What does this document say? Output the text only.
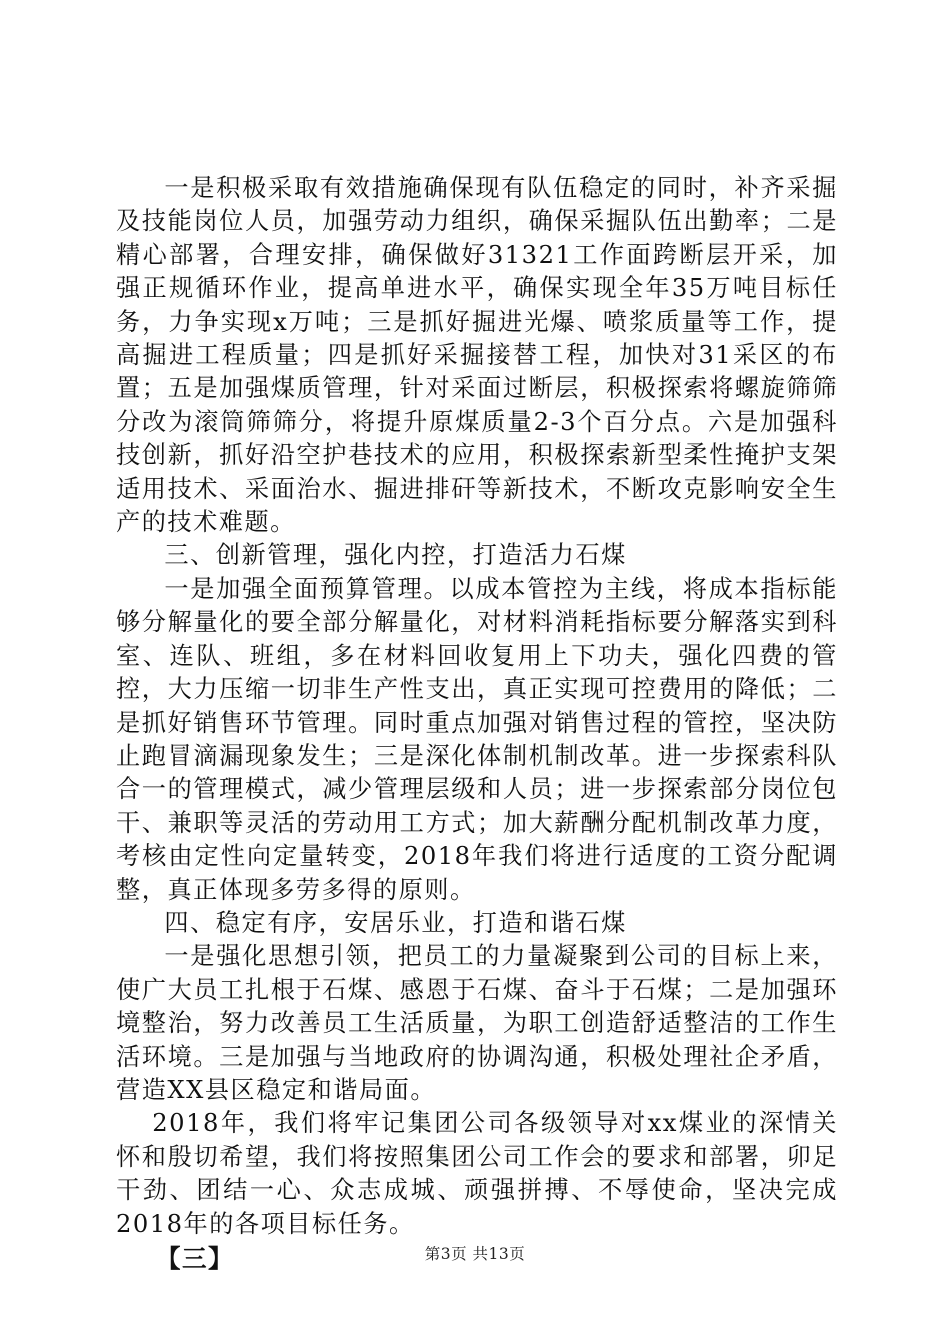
一是积极采取有效措施确保现有队伍稳定的同时，补齐采掘及技能岗位人员，加强劳动力组织，确保采掘队伍出勤率；二是精心部署，合理安排，确保做好31321工作面跨断层开采，加强正规循环作业，提高单进水平，确保实现全年35万吨目标任务，力争实现x万吨；三是抓好掘进光爆、喷浆质量等工作，提高掘进工程质量；四是抓好采掘接替工程，加快对31采区的布置；五是加强煤质管理，针对采面过断层，积极探索将螺旋筛筛分改为滚筒筛筛分，将提升原煤质量2-3个百分点。六是加强科技创新，抓好沿空护巷技术的应用，积极探索新型柔性掩护支架适用技术、采面治水、掘进排矸等新技术，不断攻克影响安全生产的技术难题。

三、创新管理，强化内控，打造活力石煤

一是加强全面预算管理。以成本管控为主线，将成本指标能够分解量化的要全部分解量化，对材料消耗指标要分解落实到科室、连队、班组，多在材料回收复用上下功夫，强化四费的管控，大力压缩一切非生产性支出，真正实现可控费用的降低；二是抓好销售环节管理。同时重点加强对销售过程的管控，坚决防止跑冒滴漏现象发生；三是深化体制机制改革。进一步探索科队合一的管理模式，减少管理层级和人员；进一步探索部分岗位包干、兼职等灵活的劳动用工方式；加大薪酬分配机制改革力度，考核由定性向定量转变，2018年我们将进行适度的工资分配调整，真正体现多劳多得的原则。

四、稳定有序，安居乐业，打造和谐石煤

一是强化思想引领，把员工的力量凝聚到公司的目标上来，使广大员工扎根于石煤、感恩于石煤、奋斗于石煤；二是加强环境整治，努力改善员工生活质量，为职工创造舒适整洁的工作生活环境。三是加强与当地政府的协调沟通，积极处理社企矛盾，营造XX县区稳定和谐局面。

2018年，我们将牢记集团公司各级领导对xx煤业的深情关怀和殷切希望，我们将按照集团公司工作会的要求和部署，卯足干劲、团结一心、众志成城、顽强拼搏、不辱使命，坚决完成2018年的各项目标任务。

【三】	第3页 共13页
